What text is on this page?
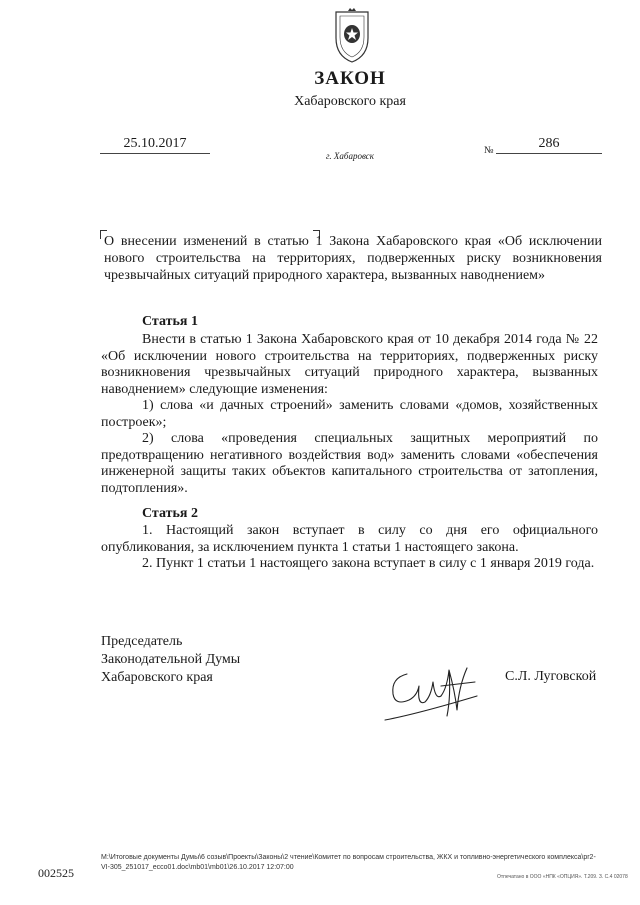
ЗАКОН
Хабаровского края
25.10.2017	№	286
г. Хабаровск
О внесении изменений в статью 1 Закона Хабаровского края «Об исключении нового строительства на территориях, подверженных риску возникновения чрезвычайных ситуаций природного характера, вызванных наводнением»
Статья 1

Внести в статью 1 Закона Хабаровского края от 10 декабря 2014 года № 22 «Об исключении нового строительства на территориях, подверженных риску возникновения чрезвычайных ситуаций природного характера, вызванных наводнением» следующие изменения:

1) слова «и дачных строений» заменить словами «домов, хозяйственных построек»;

2) слова «проведения специальных защитных мероприятий по предотвращению негативного воздействия вод» заменить словами «обеспечения инженерной защиты таких объектов капитального строительства от затопления, подтопления».

Статья 2

1. Настоящий закон вступает в силу со дня его официального опубликования, за исключением пункта 1 статьи 1 настоящего закона.

2. Пункт 1 статьи 1 настоящего закона вступает в силу с 1 января 2019 года.

Председатель
Законодательной Думы
Хабаровского края	С.Л. Луговской
M:\Итоговые документы Думы\6 созыв\Проекты\Законы\2 чтение\Комитет по вопросам строительства, ЖКХ и топливно-энергетического комплекса\pr2-VI-305_251017_ecco01.doc\mb01\mb01\26.10.2017 12:07:00
002525	Отпечатано в ООО «НПК «ОПЦИЯ». Т.209. З. С.4 02078
